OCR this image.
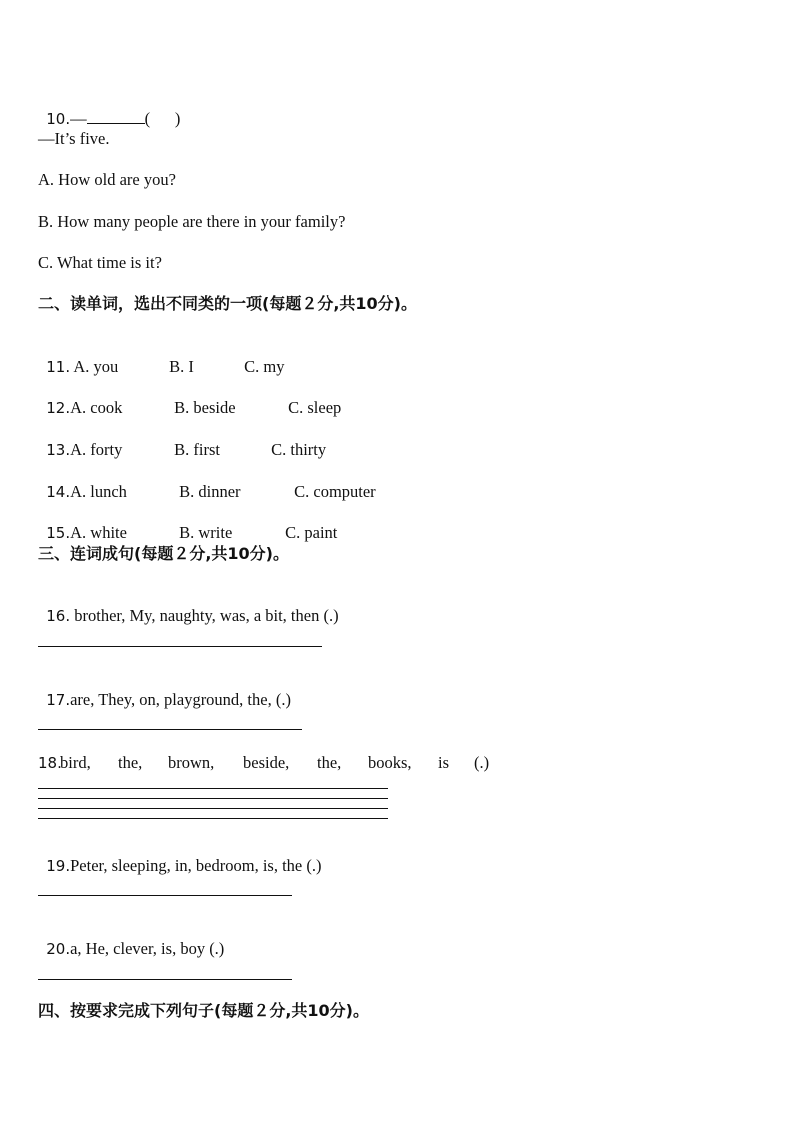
10.—	(      )

—It’s five.
A. How old are you?
B. How many people are there in your family?
C. What time is it?
二、读单词，选出不同类的一项(每题２分,共10分)。

11. A. you	B. I	C. my

12.A. cook	B. beside	C. sleep

13.A. forty	B. first	C. thirty

14.A. lunch	B. dinner	C. computer

15.A. white	B. write	C. paint

三、连词成句(每题２分,共10分)。

16. brother, My, naughty, was, a bit, then (.)

17.are, They, on, playground, the, (.)

18.
bird, the, brown, beside, the, books, is (.)

19.Peter, sleeping, in, bedroom, is, the (.)

20.a, He, clever, is, boy (.)

四、按要求完成下列句子(每题２分,共10分)。
